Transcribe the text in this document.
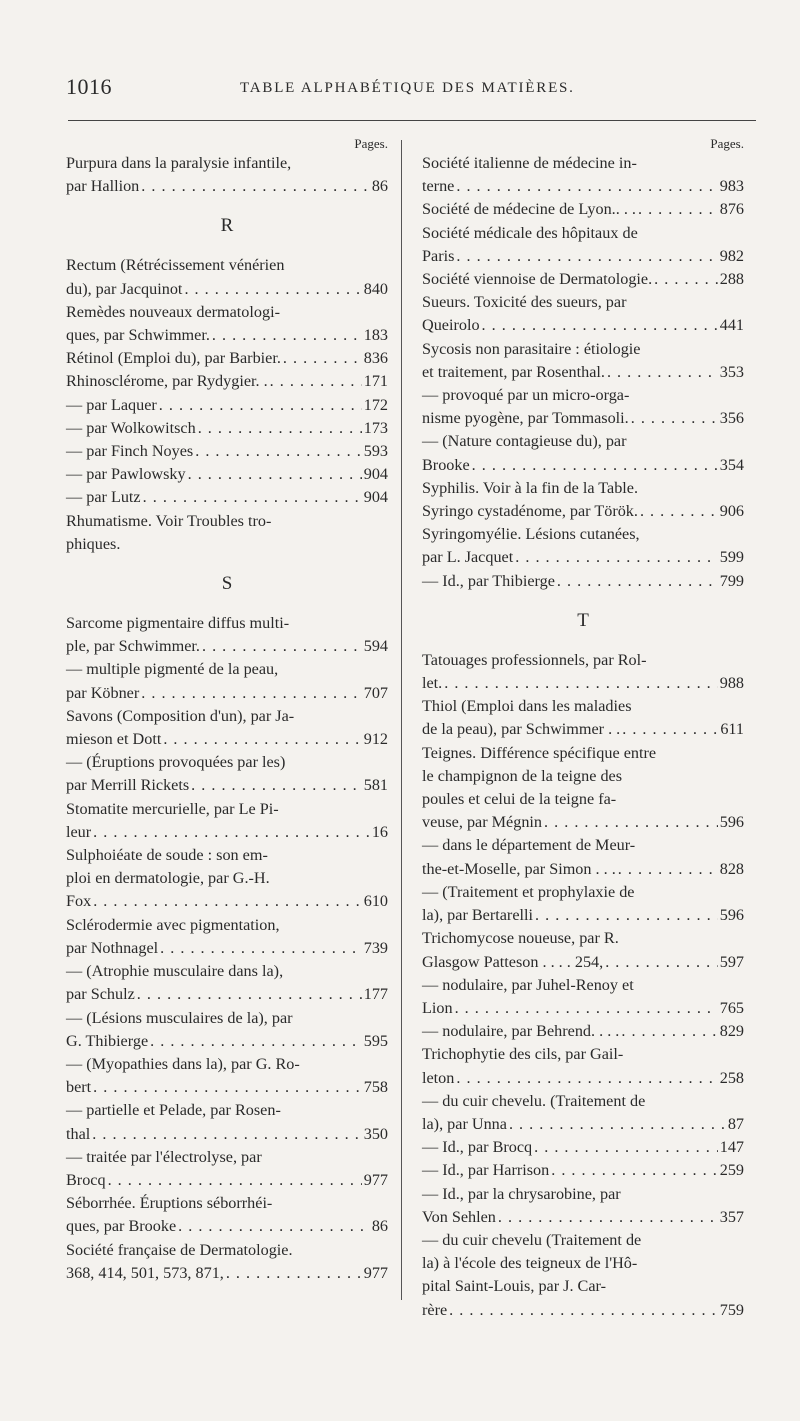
1016	TABLE ALPHABÉTIQUE DES MATIÈRES.
Pages.
Purpura dans la paralysie infantile,
par Hallion . . .	86
R
Rectum (Rétrécissement vénérien
du), par Jacquinot . . .	840
Remèdes nouveaux dermatologi-
ques, par Schwimmer. . . .	183
Rétinol (Emploi du), par Barbier. . . .	836
Rhinosclérome, par Rydygier. . . . .	171
— par Laquer . . .	172
— par Wolkowitsch . . .	173
— par Finch Noyes . . .	593
— par Pawlowsky . . .	904
— par Lutz . . .	904
Rhumatisme. Voir Troubles tro-
phiques.
S
Sarcome pigmentaire diffus multi-
ple, par Schwimmer. . . .	594
— multiple pigmenté de la peau,
par Köbner . . .	707
Savons (Composition d'un), par Ja-
mieson et Dott . . .	912
— (Éruptions provoquées par les)
par Merrill Rickets . . .	581
Stomatite mercurielle, par Le Pi-
leur . . .	16
Sulphoiéate de soude : son em-
ploi en dermatologie, par G.-H.
Fox . . .	610
Sclérodermie avec pigmentation,
par Nothnagel . . .	739
— (Atrophie musculaire dans la),
par Schulz . . .	177
— (Lésions musculaires de la), par
G. Thibierge . . .	595
— (Myopathies dans la), par G. Ro-
bert . . .	758
— partielle et Pelade, par Rosen-
thal . . .	350
— traitée par l'électrolyse, par
Brocq . . .	977
Séborrhée. Éruptions séborrhéi-
ques, par Brooke . . .	86
Société française de Dermatologie.
368, 414, 501, 573, 871, . . .	977
Pages.
Société italienne de médecine in-
terne . . .	983
Société de médecine de Lyon.. . . . . .	876
Société médicale des hôpitaux de
Paris . . .	982
Société viennoise de Dermatologie. . . .	288
Sueurs. Toxicité des sueurs, par
Queirolo . . .	441
Sycosis non parasitaire : étiologie
et traitement, par Rosenthal. . . .	353
— provoqué par un micro-orga-
nisme pyogène, par Tommasoli. . . .	356
— (Nature contagieuse du), par
Brooke . . .	354
Syphilis. Voir à la fin de la Table.
Syringo cystadénome, par Török. . . .	906
Syringomyélie. Lésions cutanées,
par L. Jacquet . . .	599
— Id., par Thibierge . . .	799
T
Tatouages professionnels, par Rol-
let. . . .	988
Thiol (Emploi dans les maladies
de la peau), par Schwimmer . . . . .	611
Teignes. Différence spécifique entre
le champignon de la teigne des
poules et celui de la teigne fa-
veuse, par Mégnin . . .	596
— dans le département de Meur-
the-et-Moselle, par Simon . . . . . .	828
— (Traitement et prophylaxie de
la), par Bertarelli . . .	596
Trichomycose noueuse, par R.
Glasgow Patteson . . . . 254, . . .	597
— nodulaire, par Juhel-Renoy et
Lion . . .	765
— nodulaire, par Behrend. . . . . . .	829
Trichophytie des cils, par Gail-
leton . . .	258
— du cuir chevelu. (Traitement de
la), par Unna . . .	87
— Id., par Brocq . . .	147
— Id., par Harrison . . .	259
— Id., par la chrysarobine, par
Von Sehlen . . .	357
— du cuir chevelu (Traitement de
la) à l'école des teigneux de l'Hô-
pital Saint-Louis, par J. Car-
rère . . .	759
